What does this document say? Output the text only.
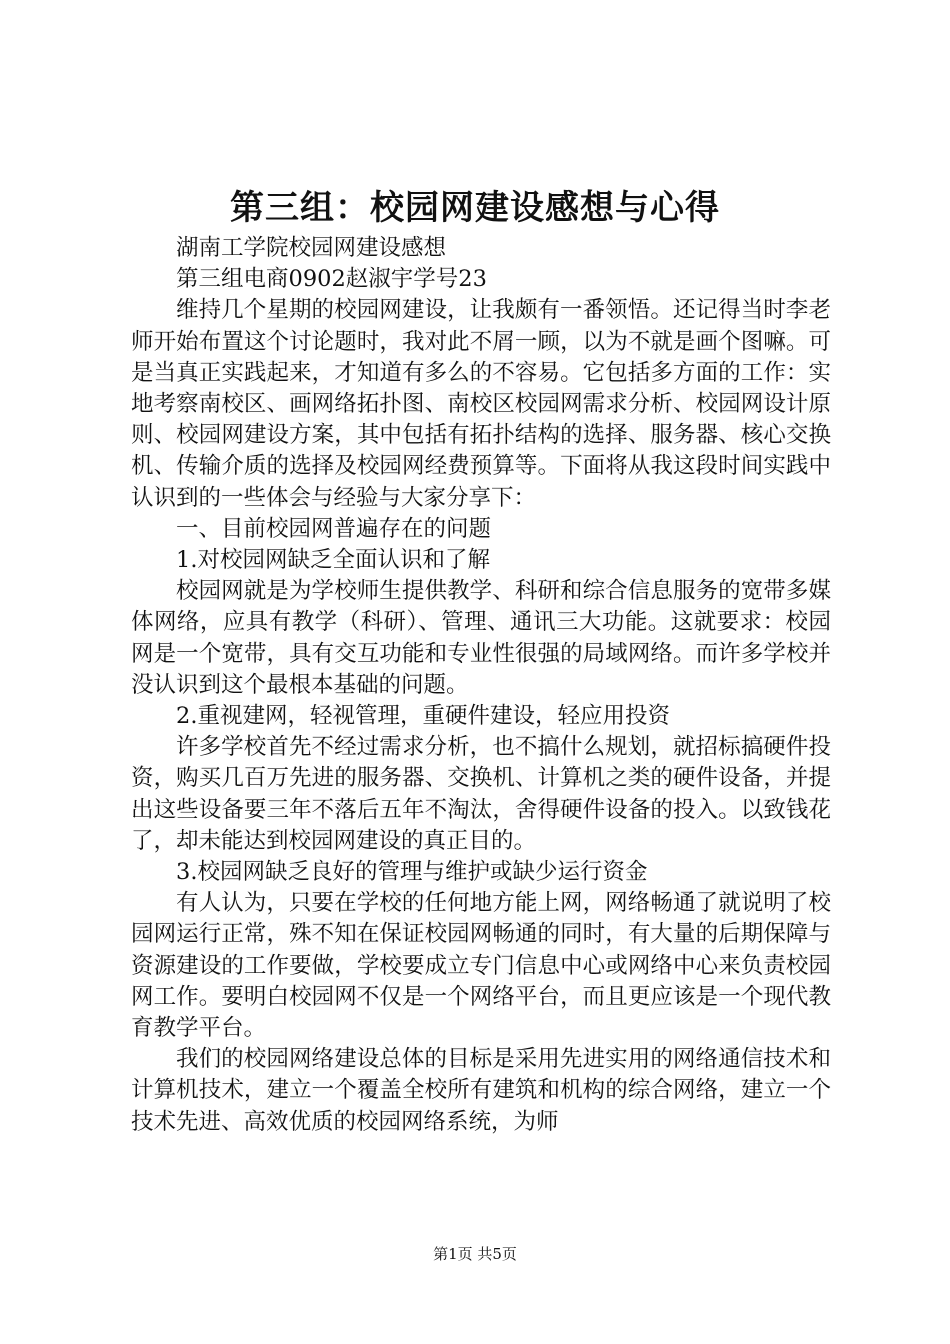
第三组：校园网建设感想与心得

湖南工学院校园网建设感想

第三组电商0902赵淑宇学号23

维持几个星期的校园网建设，让我颇有一番领悟。还记得当时李老师开始布置这个讨论题时，我对此不屑一顾，以为不就是画个图嘛。可是当真正实践起来，才知道有多么的不容易。它包括多方面的工作：实地考察南校区、画网络拓扑图、南校区校园网需求分析、校园网设计原则、校园网建设方案，其中包括有拓扑结构的选择、服务器、核心交换机、传输介质的选择及校园网经费预算等。下面将从我这段时间实践中认识到的一些体会与经验与大家分享下：

一、目前校园网普遍存在的问题

1.对校园网缺乏全面认识和了解

校园网就是为学校师生提供教学、科研和综合信息服务的宽带多媒体网络，应具有教学（科研）、管理、通讯三大功能。这就要求：校园网是一个宽带，具有交互功能和专业性很强的局域网络。而许多学校并没认识到这个最根本基础的问题。

2.重视建网，轻视管理，重硬件建设，轻应用投资

许多学校首先不经过需求分析，也不搞什么规划，就招标搞硬件投资，购买几百万先进的服务器、交换机、计算机之类的硬件设备，并提出这些设备要三年不落后五年不淘汰，舍得硬件设备的投入。以致钱花了，却未能达到校园网建设的真正目的。

3.校园网缺乏良好的管理与维护或缺少运行资金

有人认为，只要在学校的任何地方能上网，网络畅通了就说明了校园网运行正常，殊不知在保证校园网畅通的同时，有大量的后期保障与资源建设的工作要做，学校要成立专门信息中心或网络中心来负责校园网工作。要明白校园网不仅是一个网络平台，而且更应该是一个现代教育教学平台。

我们的校园网络建设总体的目标是采用先进实用的网络通信技术和计算机技术，建立一个覆盖全校所有建筑和机构的综合网络，建立一个技术先进、高效优质的校园网络系统，为师

第1页 共5页
